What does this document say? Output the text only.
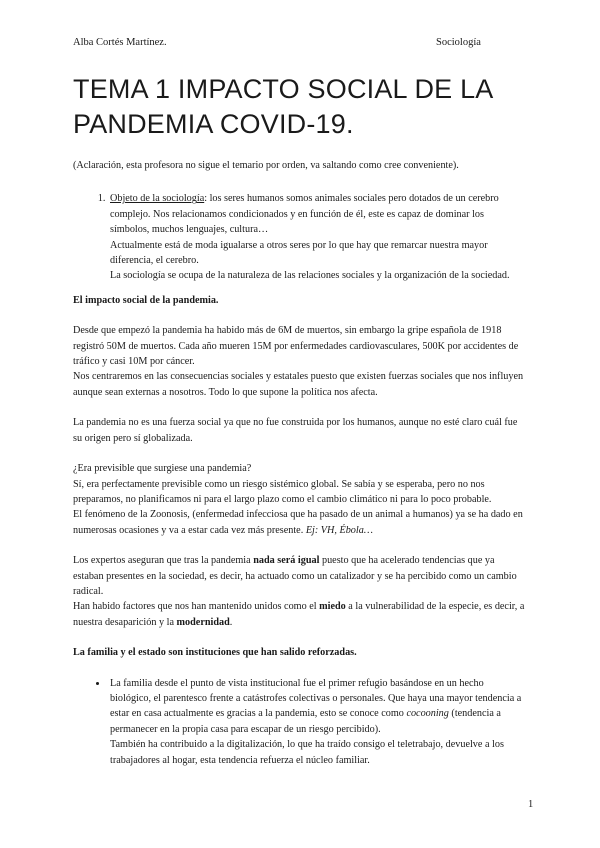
Alba Cortés Martínez.	Sociología
TEMA 1 IMPACTO SOCIAL DE LA PANDEMIA COVID-19.

(Aclaración, esta profesora no sigue el temario por orden, va saltando como cree conveniente).

1. Objeto de la sociología: los seres humanos somos animales sociales pero dotados de un cerebro complejo. Nos relacionamos condicionados y en función de él, este es capaz de dominar los símbolos, muchos lenguajes, cultura…
Actualmente está de moda igualarse a otros seres por lo que hay que remarcar nuestra mayor diferencia, el cerebro.
La sociología se ocupa de la naturaleza de las relaciones sociales y la organización de la sociedad.

El impacto social de la pandemia.

Desde que empezó la pandemia ha habido más de 6M de muertos, sin embargo la gripe española de 1918 registró 50M de muertos. Cada año mueren 15M por enfermedades cardiovasculares, 500K por accidentes de tráfico y casi 10M por cáncer.

Nos centraremos en las consecuencias sociales y estatales puesto que existen fuerzas sociales que nos influyen aunque sean externas a nosotros. Todo lo que supone la política nos afecta.

La pandemia no es una fuerza social ya que no fue construida por los humanos, aunque no esté claro cuál fue su origen pero sí globalizada.

¿Era previsible que surgiese una pandemia?

Sí, era perfectamente previsible como un riesgo sistémico global. Se sabía y se esperaba, pero no nos preparamos, no planificamos ni para el largo plazo como el cambio climático ni para lo poco probable.

El fenómeno de la Zoonosis, (enfermedad infecciosa que ha pasado de un animal a humanos) ya se ha dado en numerosas ocasiones y va a estar cada vez más presente. Ej: VH, Ébola…

Los expertos aseguran que tras la pandemia nada será igual puesto que ha acelerado tendencias que ya estaban presentes en la sociedad, es decir, ha actuado como un catalizador y se ha percibido como un cambio radical.

Han habido factores que nos han mantenido unidos como el miedo a la vulnerabilidad de la especie, es decir, a nuestra desaparición y la modernidad.

La familia y el estado son instituciones que han salido reforzadas.

• La familia desde el punto de vista institucional fue el primer refugio basándose en un hecho biológico, el parentesco frente a catástrofes colectivas o personales. Que haya una mayor tendencia a estar en casa actualmente es gracias a la pandemia, esto se conoce como cocooning (tendencia a permanecer en la propia casa para escapar de un riesgo percibido).
También ha contribuido a la digitalización, lo que ha traído consigo el teletrabajo, devuelve a los trabajadores al hogar, esta tendencia refuerza el núcleo familiar.
1
